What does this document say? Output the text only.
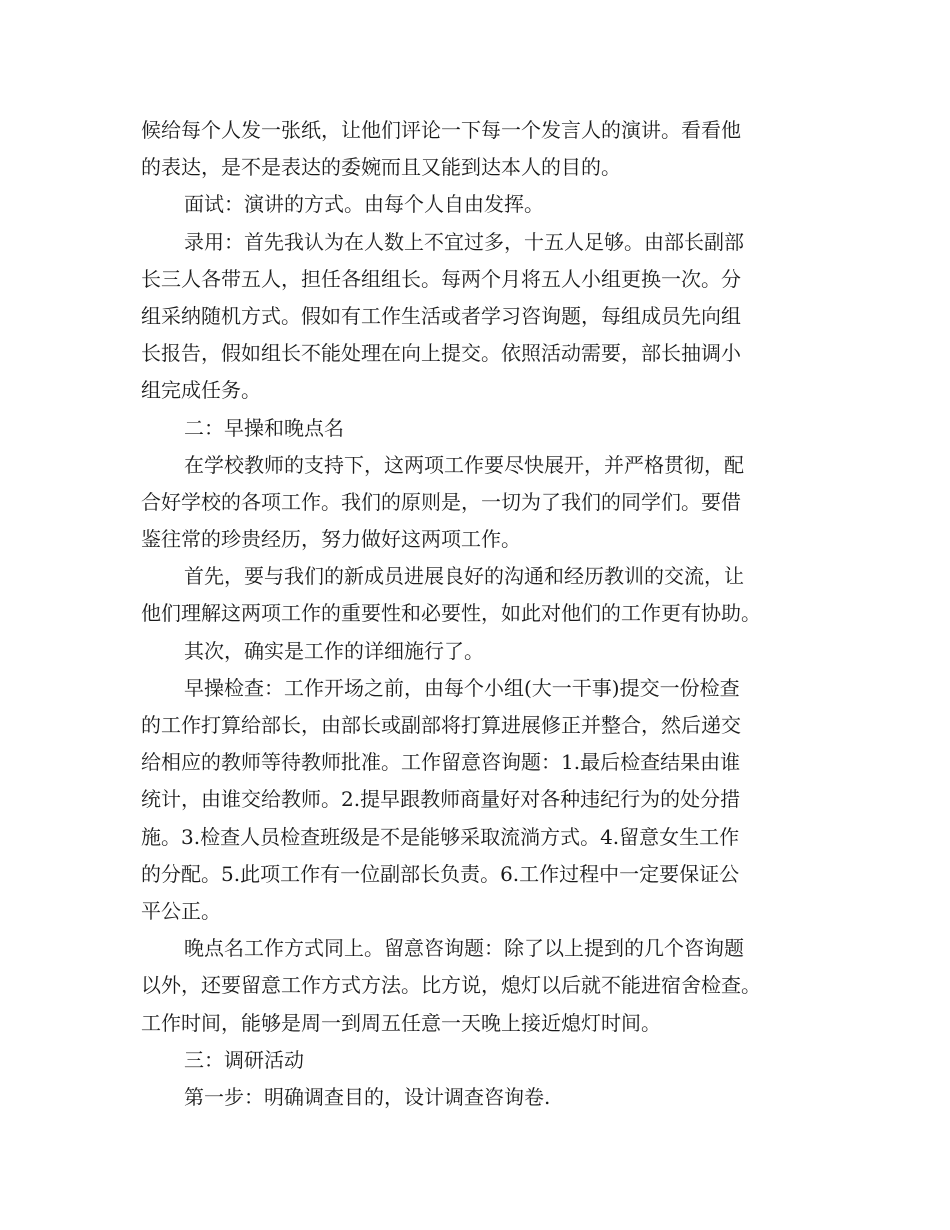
候给每个人发一张纸，让他们评论一下每一个发言人的演讲。看看他
的表达，是不是表达的委婉而且又能到达本人的目的。
面试：演讲的方式。由每个人自由发挥。
录用：首先我认为在人数上不宜过多，十五人足够。由部长副部
长三人各带五人，担任各组组长。每两个月将五人小组更换一次。分
组采纳随机方式。假如有工作生活或者学习咨询题，每组成员先向组
长报告，假如组长不能处理在向上提交。依照活动需要，部长抽调小
组完成任务。
二：早操和晚点名
在学校教师的支持下，这两项工作要尽快展开，并严格贯彻，配
合好学校的各项工作。我们的原则是，一切为了我们的同学们。要借
鉴往常的珍贵经历，努力做好这两项工作。
首先，要与我们的新成员进展良好的沟通和经历教训的交流，让
他们理解这两项工作的重要性和必要性，如此对他们的工作更有协助。
其次，确实是工作的详细施行了。
早操检查：工作开场之前，由每个小组(大一干事)提交一份检查
的工作打算给部长，由部长或副部将打算进展修正并整合，然后递交
给相应的教师等待教师批准。工作留意咨询题：1.最后检查结果由谁
统计，由谁交给教师。2.提早跟教师商量好对各种违纪行为的处分措
施。3.检查人员检查班级是不是能够采取流淌方式。4.留意女生工作
的分配。5.此项工作有一位副部长负责。6.工作过程中一定要保证公
平公正。
晚点名工作方式同上。留意咨询题：除了以上提到的几个咨询题
以外，还要留意工作方式方法。比方说，熄灯以后就不能进宿舍检查。
工作时间，能够是周一到周五任意一天晚上接近熄灯时间。
三：调研活动
第一步：明确调查目的，设计调查咨询卷.
